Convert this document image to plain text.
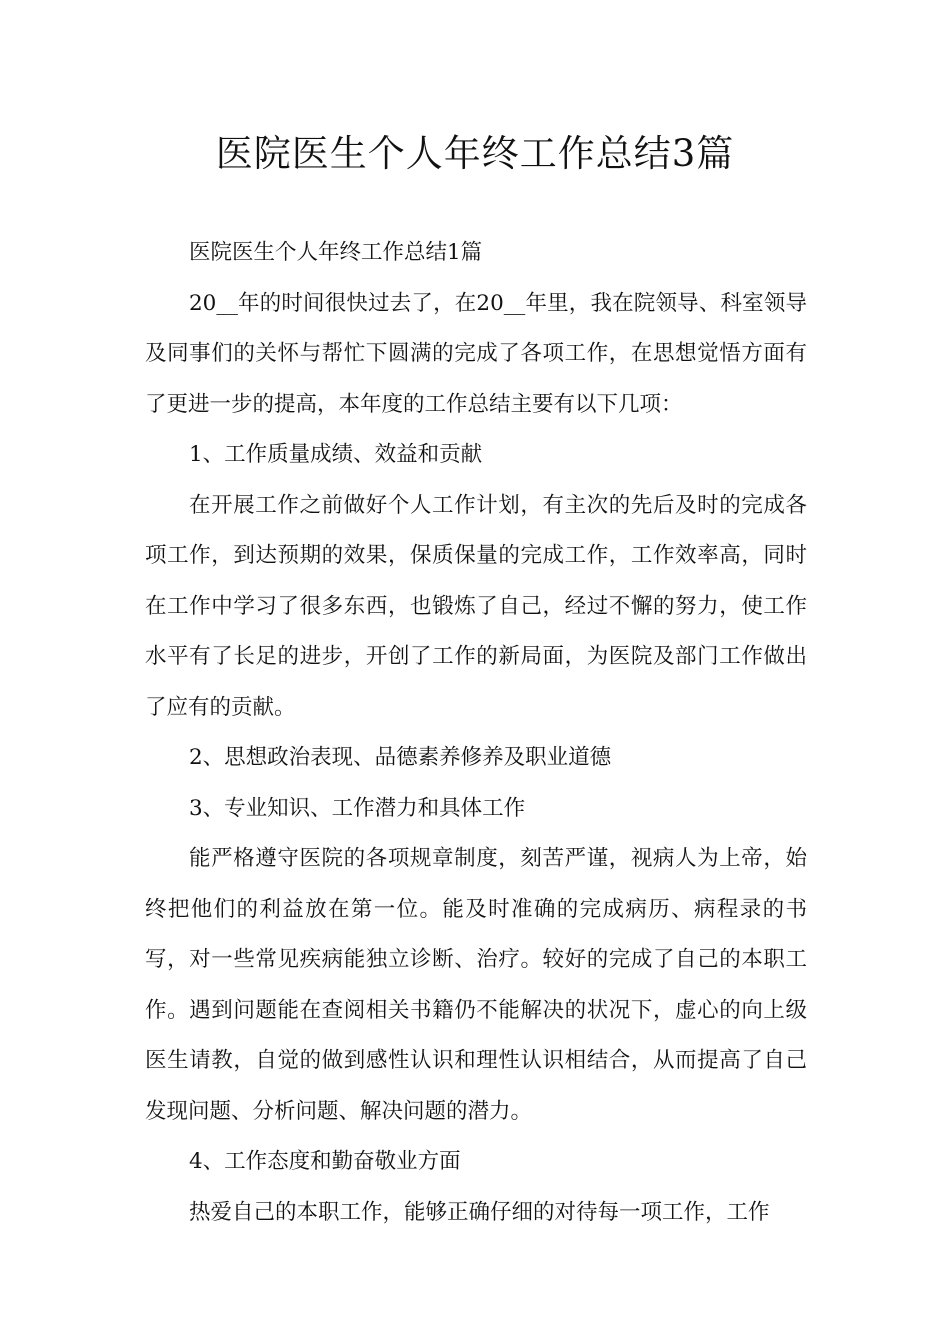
医院医生个人年终工作总结3篇

医院医生个人年终工作总结1篇

20__年的时间很快过去了，在20__年里，我在院领导、科室领导及同事们的关怀与帮忙下圆满的完成了各项工作，在思想觉悟方面有了更进一步的提高，本年度的工作总结主要有以下几项：

1、工作质量成绩、效益和贡献

在开展工作之前做好个人工作计划，有主次的先后及时的完成各项工作，到达预期的效果，保质保量的完成工作，工作效率高，同时在工作中学习了很多东西，也锻炼了自己，经过不懈的努力，使工作水平有了长足的进步，开创了工作的新局面，为医院及部门工作做出了应有的贡献。

2、思想政治表现、品德素养修养及职业道德

3、专业知识、工作潜力和具体工作

能严格遵守医院的各项规章制度，刻苦严谨，视病人为上帝，始终把他们的利益放在第一位。能及时准确的完成病历、病程录的书写，对一些常见疾病能独立诊断、治疗。较好的完成了自己的本职工作。遇到问题能在查阅相关书籍仍不能解决的状况下，虚心的向上级医生请教，自觉的做到感性认识和理性认识相结合，从而提高了自己发现问题、分析问题、解决问题的潜力。

4、工作态度和勤奋敬业方面

热爱自己的本职工作，能够正确仔细的对待每一项工作，工作
